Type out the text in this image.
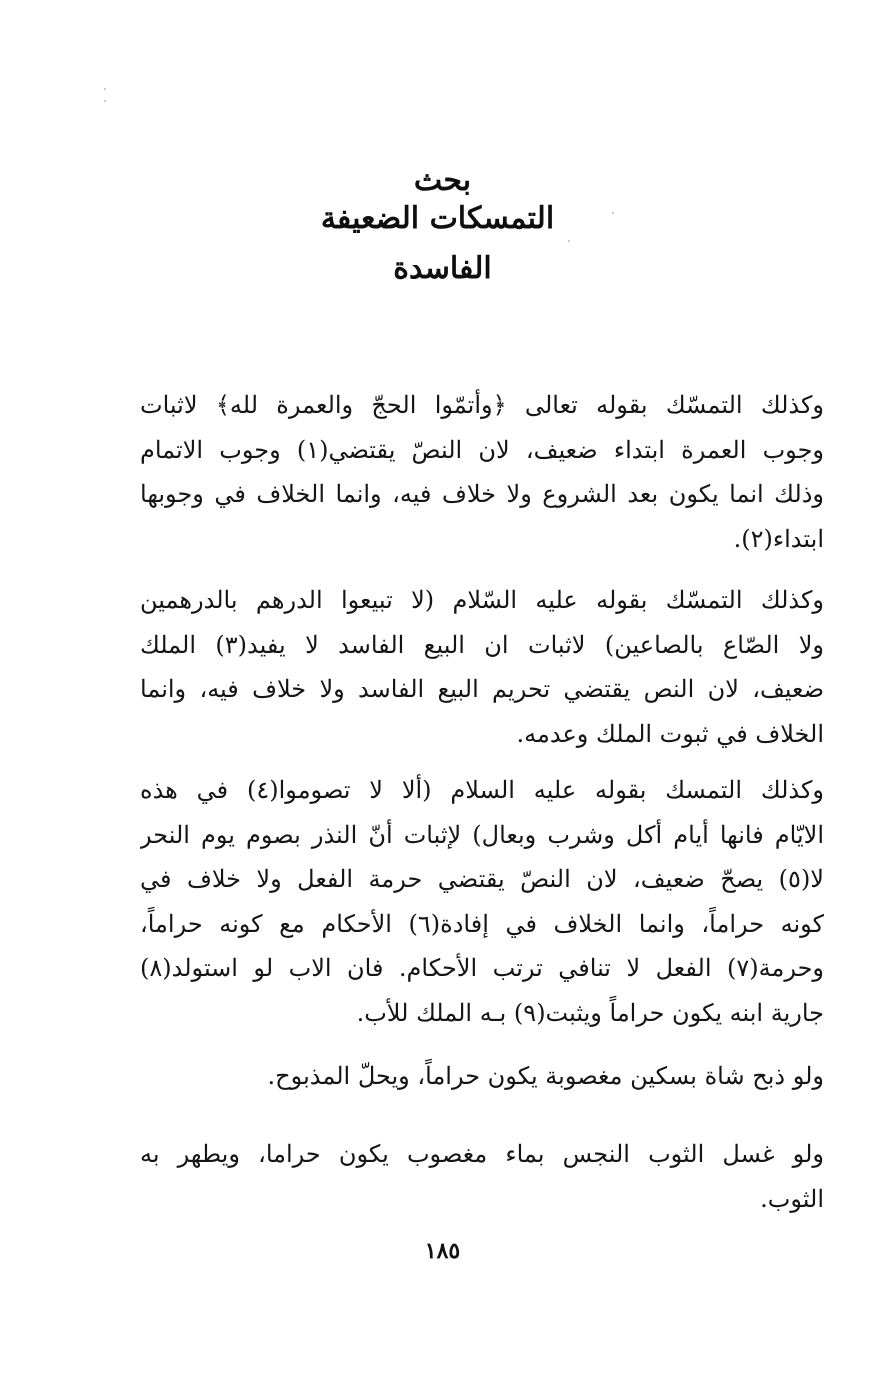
بحث
التمسكات الضعيفة
الفاسدة
وكذلك التمسّك بقوله تعالى ﴿وأتمّوا الحجّ والعمرة لله﴾ لاثبات
وجوب العمرة ابتداء ضعيف، لان النصّ يقتضي(١) وجوب الاتمام
وذلك انما يكون بعد الشروع ولا خلاف فيه، وانما الخلاف في وجوبها
ابتداء(٢).
وكذلك التمسّك بقوله عليه السّلام (لا تبيعوا الدرهم بالدرهمين
ولا الصّاع بالصاعين) لاثبات ان البيع الفاسد لا يفيد(٣) الملك
ضعيف، لان النص يقتضي تحريم البيع الفاسد ولا خلاف فيه، وانما
الخلاف في ثبوت الملك وعدمه.
وكذلك التمسك بقوله عليه السلام (ألا لا تصوموا(٤) في هذه
الايّام فانها أيام أكل وشرب وبعال) لإثبات أنّ النذر بصوم يوم النحر
لا(٥) يصحّ ضعيف، لان النصّ يقتضي حرمة الفعل ولا خلاف في
كونه حراماً، وانما الخلاف في إفادة(٦) الأحكام مع كونه حراماً،
وحرمة(٧) الفعل لا تنافي ترتب الأحكام. فان الاب لو استولد(٨)
جارية ابنه يكون حراماً ويثبت(٩) بـه الملك للأب.
ولو ذبح شاة بسكين مغصوبة يكون حراماً، ويحلّ المذبوح.
ولو غسل الثوب النجس بماء مغصوب يكون حراما، ويطهر به
الثوب.
١٨٥
